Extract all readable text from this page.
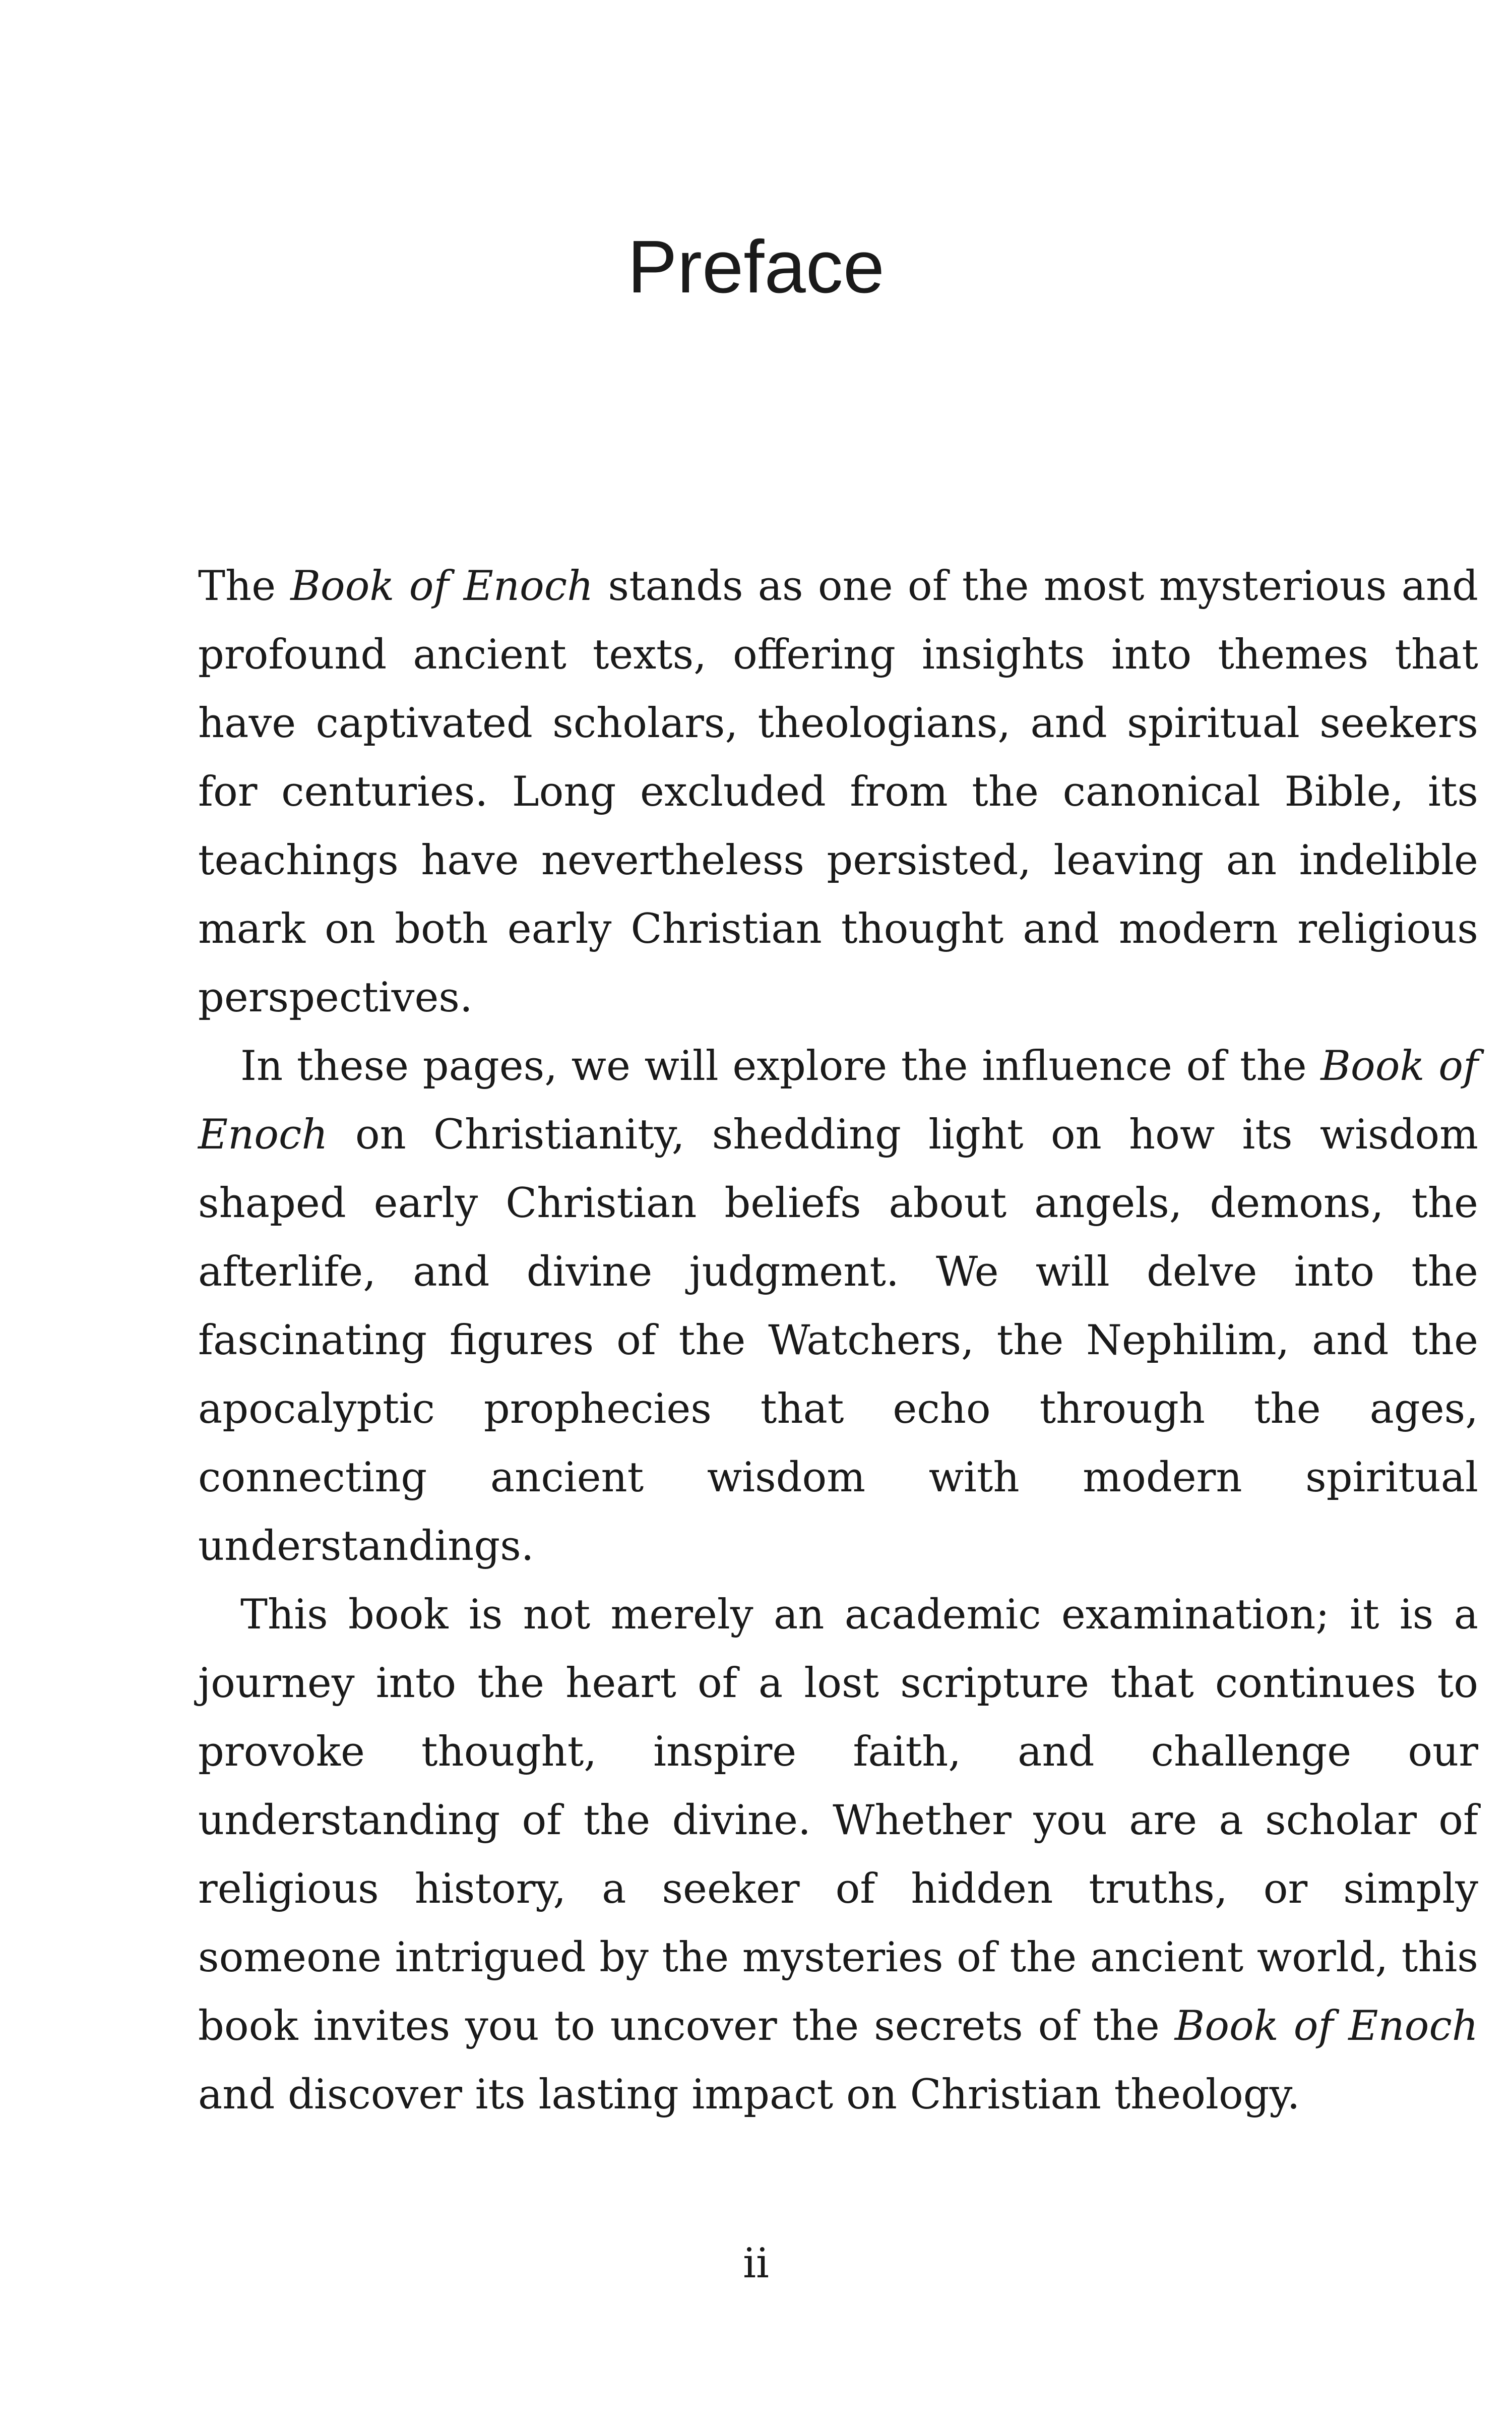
Preface

The Book of Enoch stands as one of the most mysterious and profound ancient texts, offering insights into themes that have captivated scholars, theologians, and spiritual seekers for centuries. Long excluded from the canonical Bible, its teachings have nevertheless persisted, leaving an indelible mark on both early Christian thought and modern religious perspectives.

In these pages, we will explore the influence of the Book of Enoch on Christianity, shedding light on how its wisdom shaped early Christian beliefs about angels, demons, the afterlife, and divine judgment. We will delve into the fascinating figures of the Watchers, the Nephilim, and the apocalyptic prophecies that echo through the ages, connecting ancient wisdom with modern spiritual understandings.

This book is not merely an academic examination; it is a journey into the heart of a lost scripture that continues to provoke thought, inspire faith, and challenge our understanding of the divine. Whether you are a scholar of religious history, a seeker of hidden truths, or simply someone intrigued by the mysteries of the ancient world, this book invites you to uncover the secrets of the Book of Enoch and discover its lasting impact on Christian theology.

ii
